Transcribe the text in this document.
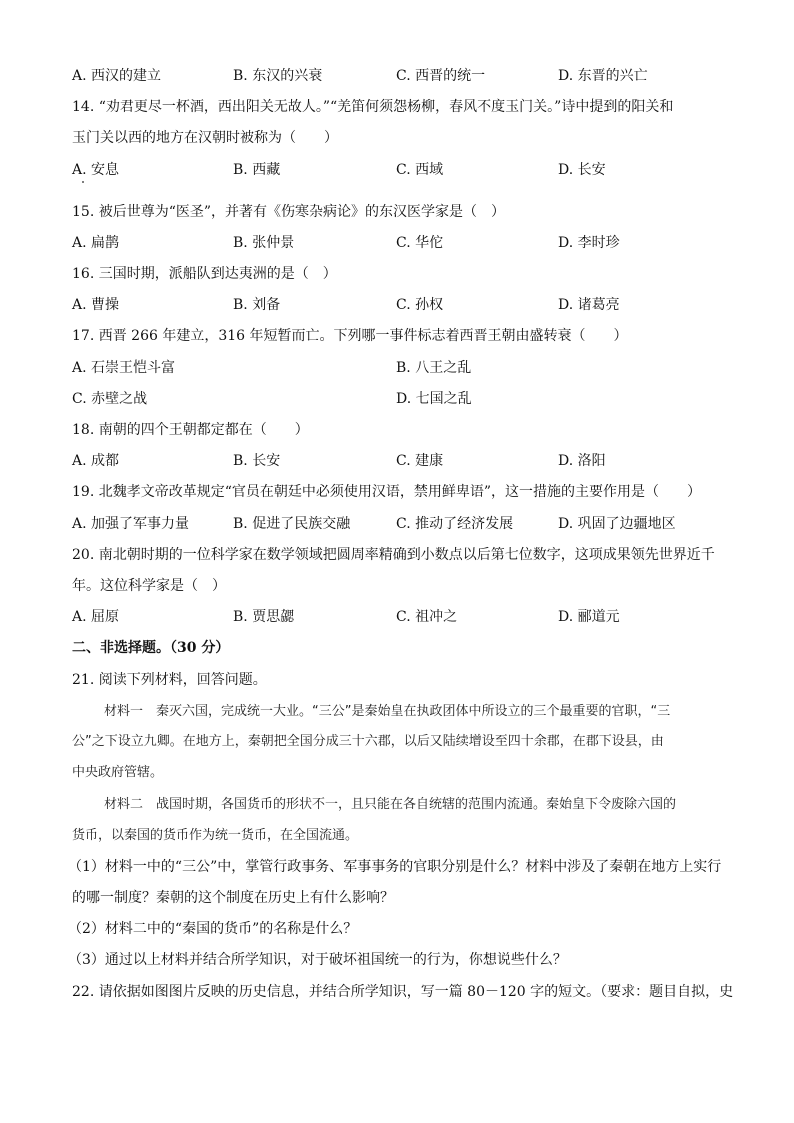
A. 西汉的建立	B. 东汉的兴衰	C. 西晋的统一	D. 东晋的兴亡
14. “劝君更尽一杯酒，西出阳关无故人。”“羌笛何须怨杨柳，春风不度玉门关。”诗中提到的阳关和
玉门关以西的地方在汉朝时被称为（　　）
A. 安息	B. 西藏	C. 西域	D. 长安
15. 被后世尊为“医圣”，并著有《伤寒杂病论》的东汉医学家是（　）
A. 扁鹊	B. 张仲景	C. 华佗	D. 李时珍
16. 三国时期，派船队到达夷洲的是（　）
A. 曹操	B. 刘备	C. 孙权	D. 诸葛亮
17. 西晋 266 年建立，316 年短暂而亡。下列哪一事件标志着西晋王朝由盛转衰（　　）
A. 石崇王恺斗富	B. 八王之乱
C. 赤壁之战	D. 七国之乱
18. 南朝的四个王朝都定都在（　　）
A. 成都	B. 长安	C. 建康	D. 洛阳
19. 北魏孝文帝改革规定“官员在朝廷中必须使用汉语，禁用鲜卑语”，这一措施的主要作用是（　　）
A. 加强了军事力量	B. 促进了民族交融	C. 推动了经济发展	D. 巩固了边疆地区
20. 南北朝时期的一位科学家在数学领域把圆周率精确到小数点以后第七位数字，这项成果领先世界近千
年。这位科学家是（　）
A. 屈原	B. 贾思勰	C. 祖冲之	D. 郦道元
二、非选择题。（30 分）
21. 阅读下列材料，回答问题。
材料一　秦灭六国，完成统一大业。“三公”是秦始皇在执政团体中所设立的三个最重要的官职，“三
公”之下设立九卿。在地方上，秦朝把全国分成三十六郡，以后又陆续增设至四十余郡，在郡下设县，由
中央政府管辖。
材料二　战国时期，各国货币的形状不一，且只能在各自统辖的范围内流通。秦始皇下令废除六国的
货币，以秦国的货币作为统一货币，在全国流通。
（1）材料一中的“三公”中，掌管行政事务、军事事务的官职分别是什么？材料中涉及了秦朝在地方上实行
的哪一制度？秦朝的这个制度在历史上有什么影响？
（2）材料二中的“秦国的货币”的名称是什么？
（3）通过以上材料并结合所学知识，对于破坏祖国统一的行为，你想说些什么？
22. 请依据如图图片反映的历史信息，并结合所学知识，写一篇 80－120 字的短文。（要求：题目自拟，史
